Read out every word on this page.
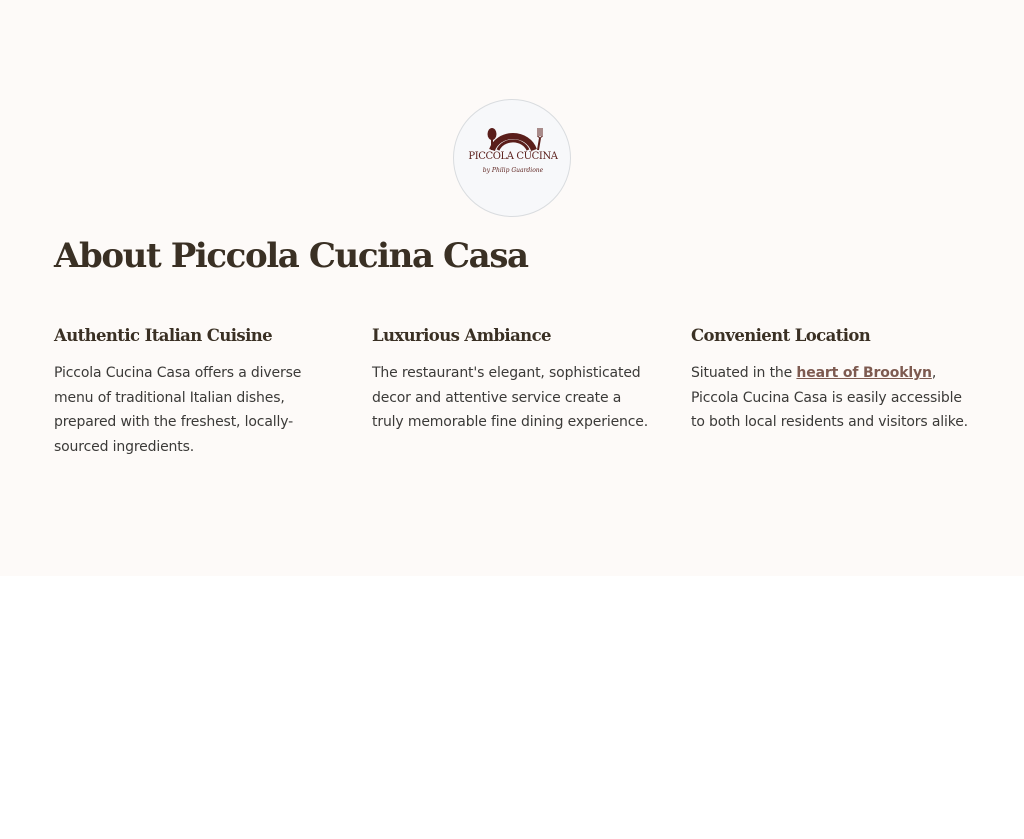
PICCOLA CUCINA
by Philip Guardione
About Piccola Cucina Casa
Authentic Italian Cuisine

Piccola Cucina Casa offers a diverse menu of traditional Italian dishes, prepared with the freshest, locally-sourced ingredients.

Luxurious Ambiance

The restaurant's elegant, sophisticated decor and attentive service create a truly memorable fine dining experience.

Convenient Location

Situated in the heart of Brooklyn, Piccola Cucina Casa is easily accessible to both local residents and visitors alike.
